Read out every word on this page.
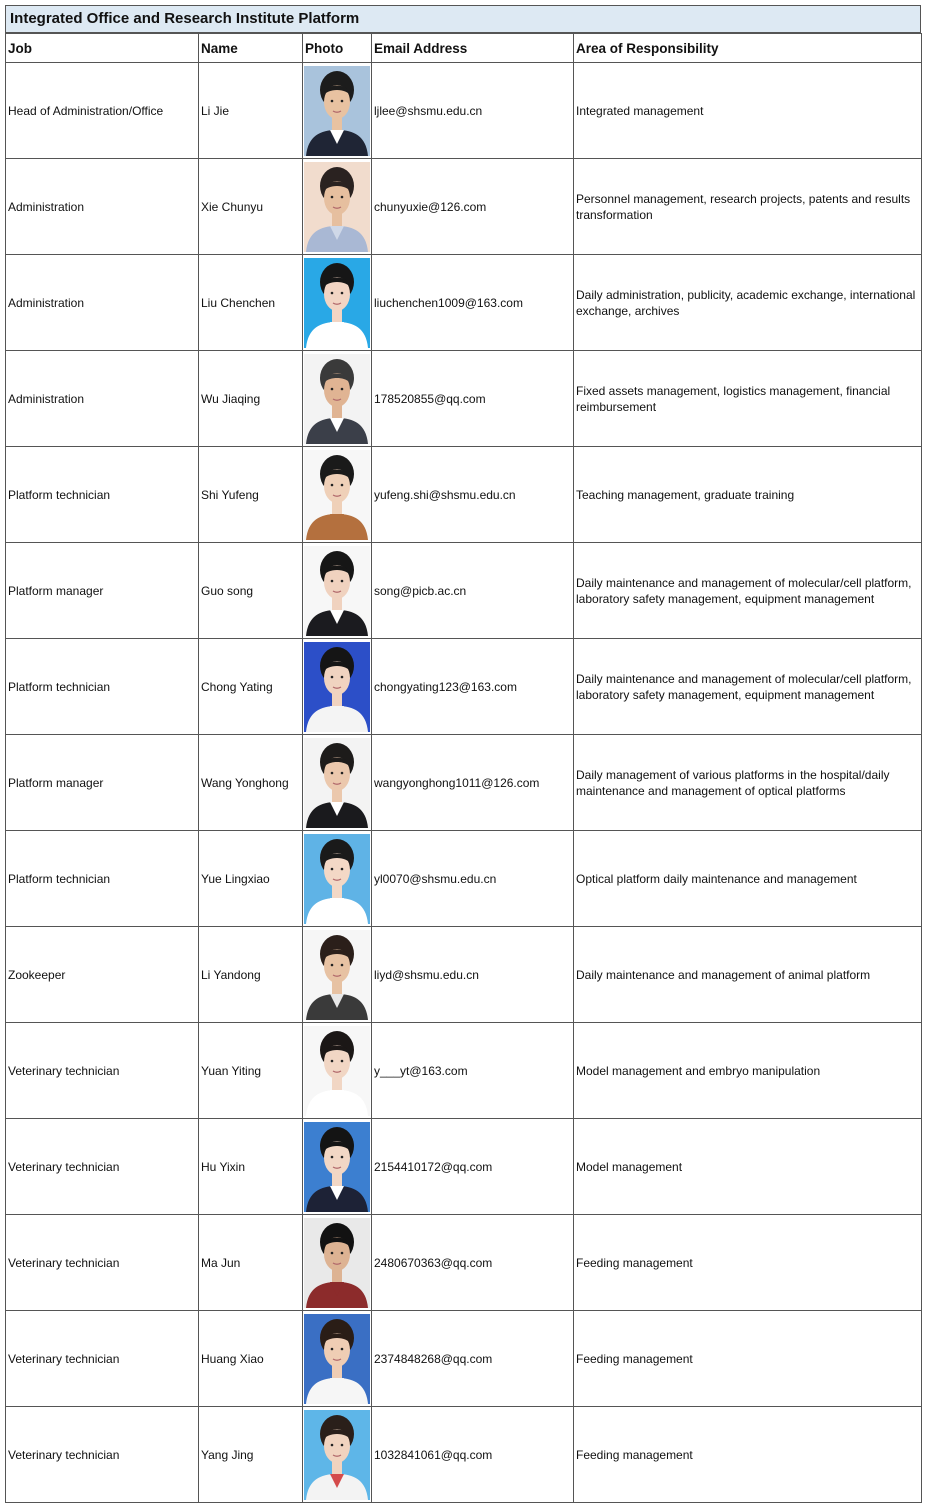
Integrated Office and Research Institute Platform
Job	Name	Photo	Email Address	Area of Responsibility
Head of Administration/Office	Li Jie		ljlee@shsmu.edu.cn	Integrated management
Administration	Xie Chunyu		chunyuxie@126.com	Personnel management, research projects, patents and results transformation
Administration	Liu Chenchen		liuchenchen1009@163.com	Daily administration, publicity, academic exchange, international exchange, archives
Administration	Wu Jiaqing		178520855@qq.com	Fixed assets management, logistics management, financial reimbursement
Platform technician	Shi Yufeng		yufeng.shi@shsmu.edu.cn	Teaching management, graduate training
Platform manager	Guo song		song@picb.ac.cn	Daily maintenance and management of molecular/cell platform, laboratory safety management, equipment management
Platform technician	Chong Yating		chongyating123@163.com	Daily maintenance and management of molecular/cell platform, laboratory safety management, equipment management
Platform manager	Wang Yonghong		wangyonghong1011@126.com	Daily management of various platforms in the hospital/daily maintenance and management of optical platforms
Platform technician	Yue Lingxiao		yl0070@shsmu.edu.cn	Optical platform daily maintenance and management
Zookeeper	Li Yandong		liyd@shsmu.edu.cn	Daily maintenance and management of animal platform
Veterinary technician	Yuan Yiting		y___yt@163.com	Model management and embryo manipulation
Veterinary technician	Hu Yixin		2154410172@qq.com	Model management
Veterinary technician	Ma Jun		2480670363@qq.com	Feeding management
Veterinary technician	Huang Xiao		2374848268@qq.com	Feeding management
Veterinary technician	Yang Jing		1032841061@qq.com	Feeding management
